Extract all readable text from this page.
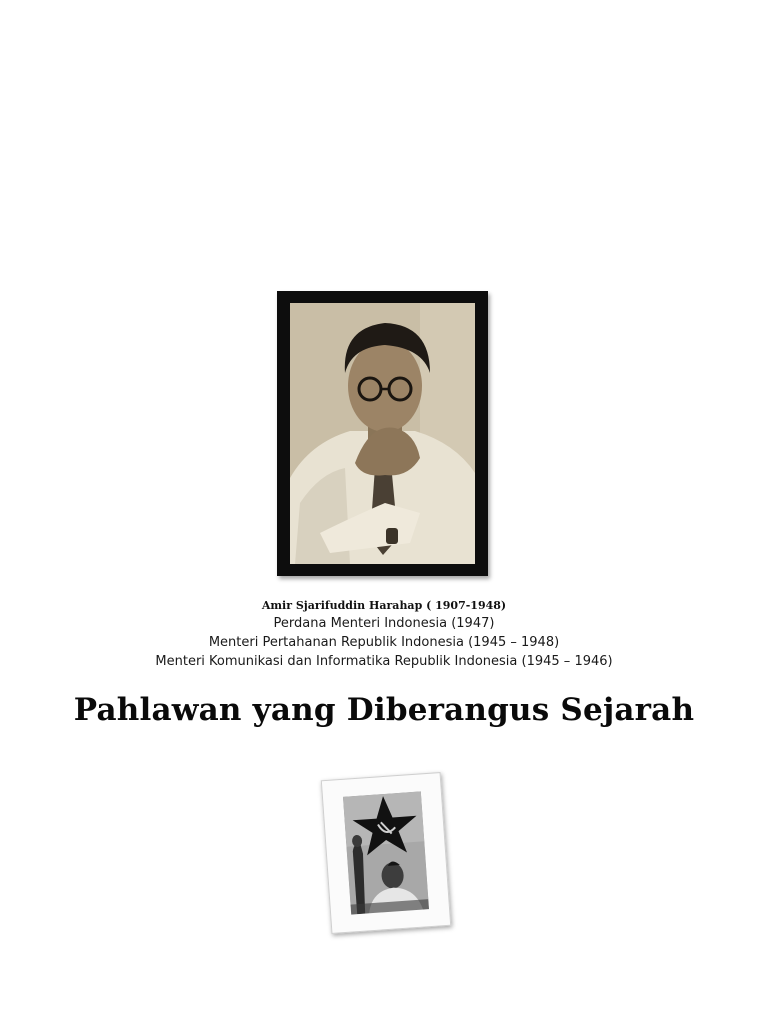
Amir Sjarifuddin Harahap ( 1907-1948)
Perdana Menteri Indonesia (1947)
Menteri Pertahanan Republik Indonesia (1945 – 1948)
Menteri Komunikasi dan Informatika Republik Indonesia (1945 – 1946)
Pahlawan yang Diberangus Sejarah
